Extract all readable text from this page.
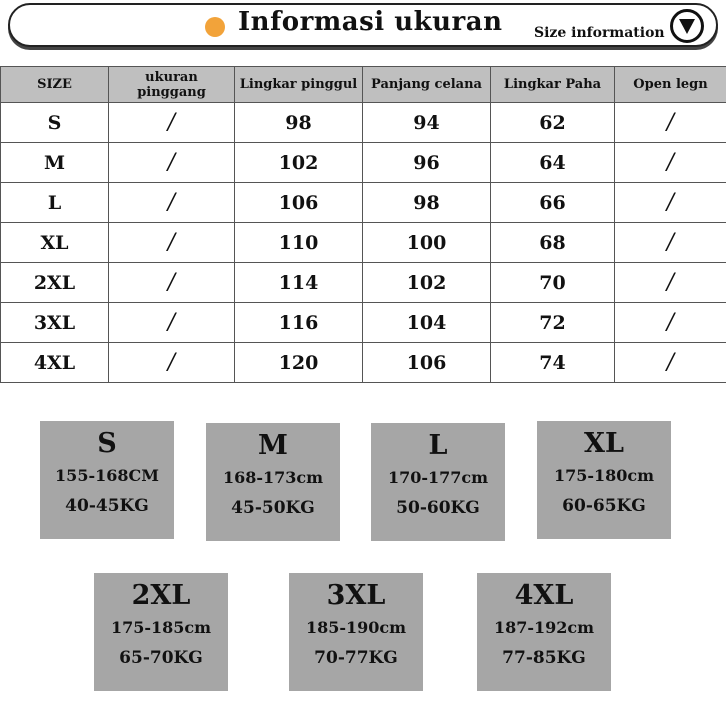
Informasi ukuran Size information
SIZE	ukuran pinggang	Lingkar pinggul	Panjang celana	Lingkar Paha	Open legn
S	/	98	94	62	/
M	/	102	96	64	/
L	/	106	98	66	/
XL	/	110	100	68	/
2XL	/	114	102	70	/
3XL	/	116	104	72	/
4XL	/	120	106	74	/
S
155-168CM
40-45KG
M
168-173cm
45-50KG
L
170-177cm
50-60KG
XL
175-180cm
60-65KG
2XL
175-185cm
65-70KG
3XL
185-190cm
70-77KG
4XL
187-192cm
77-85KG
